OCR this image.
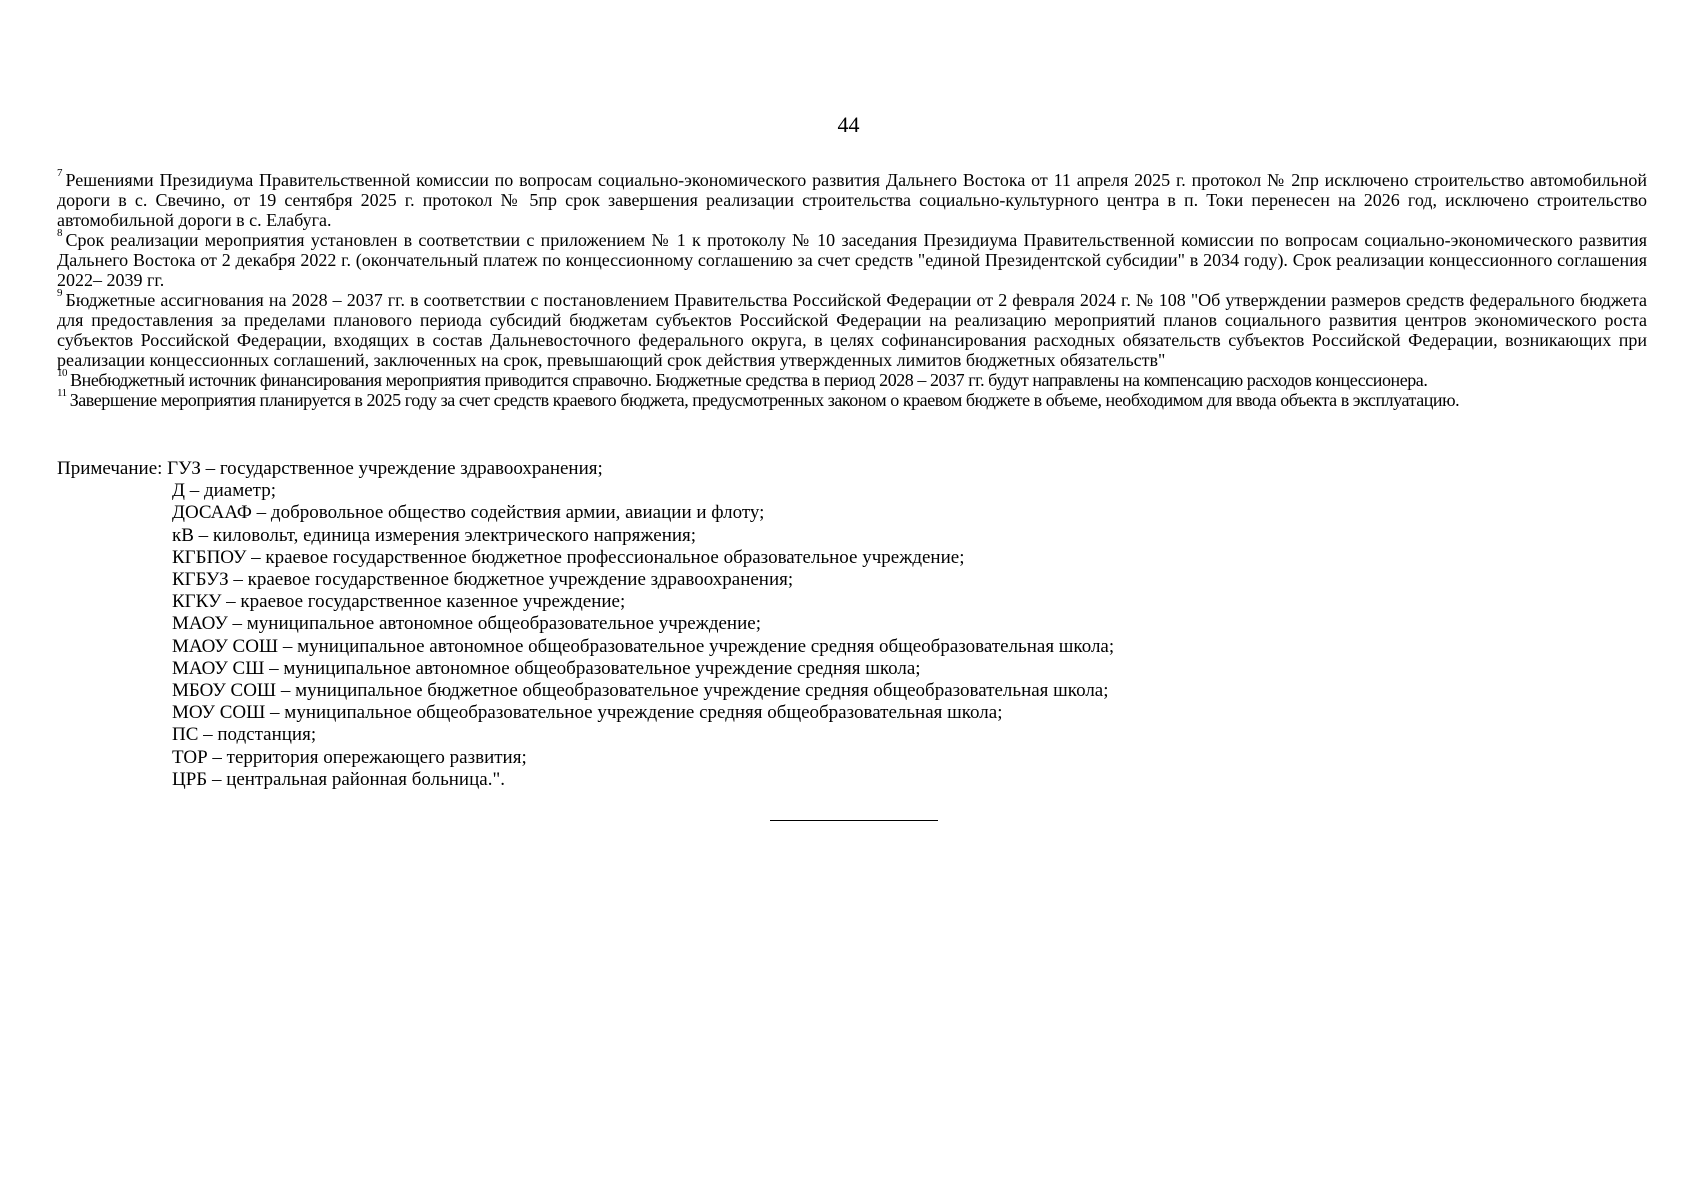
44

$^7$ Решениями Президиума Правительственной комиссии по вопросам социально-экономического развития Дальнего Востока от 11 апреля 2025 г. протокол № 2пр исключено строительство автомобильной дороги в с. Свечино, от 19 сентября 2025 г. протокол № 5пр срок завершения реализации строительства социально-культурного центра в п. Токи перенесен на 2026 год, исключено строительство автомобильной дороги в с. Елабуга.

$^8$ Срок реализации мероприятия установлен в соответствии с приложением № 1 к протоколу № 10 заседания Президиума Правительственной комиссии по вопросам социально-экономического развития Дальнего Востока от 2 декабря 2022 г. (окончательный платеж по концессионному соглашению за счет средств "единой Президентской субсидии" в 2034 году). Срок реализации концессионного соглашения 2022– 2039 гг.

$^9$ Бюджетные ассигнования на 2028 – 2037 гг. в соответствии с постановлением Правительства Российской Федерации от 2 февраля 2024 г. № 108 "Об утверждении размеров средств федерального бюджета для предоставления за пределами планового периода субсидий бюджетам субъектов Российской Федерации на реализацию мероприятий планов социального развития центров экономического роста субъектов Российской Федерации, входящих в состав Дальневосточного федерального округа, в целях софинансирования расходных обязательств субъектов Российской Федерации, возникающих при реализации концессионных соглашений, заключенных на срок, превышающий срок действия утвержденных лимитов бюджетных обязательств"

$^{10}$ Внебюджетный источник финансирования мероприятия приводится справочно. Бюджетные средства в период 2028 – 2037 гг. будут направлены на компенсацию расходов концессионера.

$^{11}$ Завершение мероприятия планируется в 2025 году за счет средств краевого бюджета, предусмотренных законом о краевом бюджете в объеме, необходимом для ввода объекта в эксплуатацию.

Примечание: ГУЗ – государственное учреждение здравоохранения;

Д – диаметр;
ДОСААФ – добровольное общество содействия армии, авиации и флоту;
кВ – киловольт, единица измерения электрического напряжения;
КГБПОУ – краевое государственное бюджетное профессиональное образовательное учреждение;
КГБУЗ – краевое государственное бюджетное учреждение здравоохранения;
КГКУ – краевое государственное казенное учреждение;
МАОУ – муниципальное автономное общеобразовательное учреждение;
МАОУ СОШ – муниципальное автономное общеобразовательное учреждение средняя общеобразовательная школа;
МАОУ СШ – муниципальное автономное общеобразовательное учреждение средняя школа;
МБОУ СОШ – муниципальное бюджетное общеобразовательное учреждение средняя общеобразовательная школа;
МОУ СОШ – муниципальное общеобразовательное учреждение средняя общеобразовательная школа;
ПС – подстанция;
ТОР – территория опережающего развития;
ЦРБ – центральная районная больница.".
